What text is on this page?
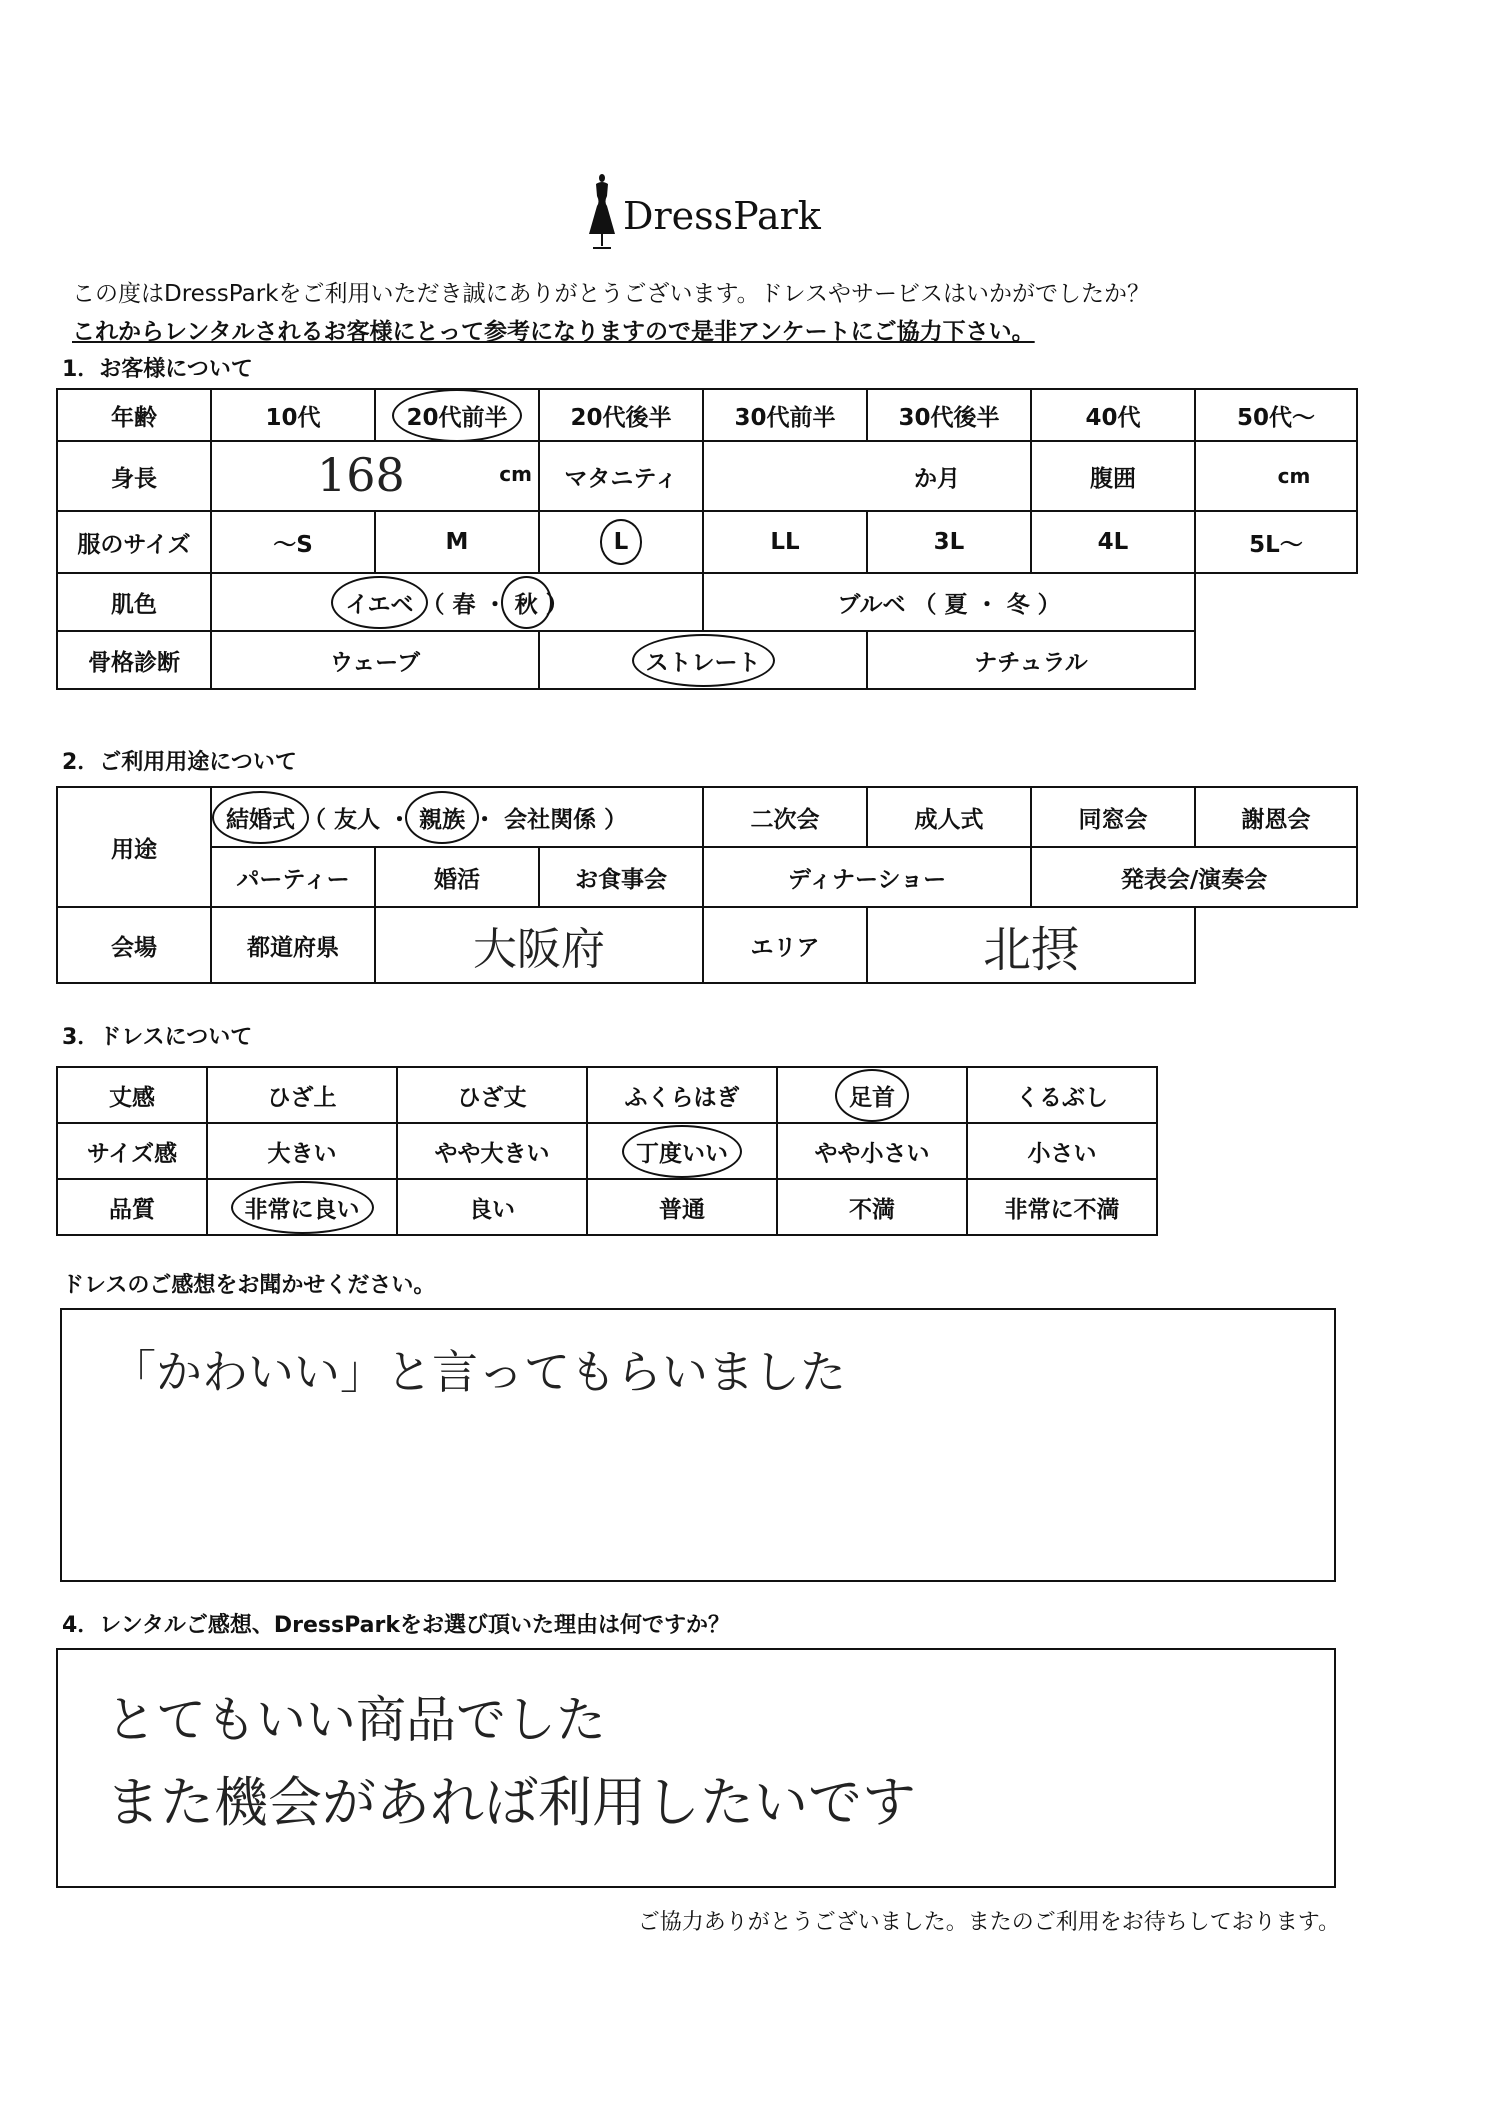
DressPark
この度はDressParkをご利用いただき誠にありがとうございます。ドレスやサービスはいかがでしたか？
これからレンタルされるお客様にとって参考になりますので是非アンケートにご協力下さい。
1．お客様について
年齢	10代	20代前半	20代後半	30代前半	30代後半	40代	50代〜
身長	168 cm		マタニティ	か月		腹囲	cm
服のサイズ	〜S	M	L	LL	3L	4L	5L〜
肌色	イエベ （ 春 ・ 秋 ）			ブルベ （ 夏 ・ 冬 ）			
骨格診断	ウェーブ		ストレート		ナチュラル		
2．ご利用用途について
用途	結婚式 （ 友人 ・ 親族 ・ 会社関係 ）			二次会	成人式	同窓会	謝恩会
	パーティー	婚活	お食事会	ディナーショー		発表会/演奏会	
会場	都道府県	大阪府		エリア	北摂		
3．ドレスについて
丈感	ひざ上	ひざ丈	ふくらはぎ	足首	くるぶし
サイズ感	大きい	やや大きい	丁度いい	やや小さい	小さい
品質	非常に良い	良い	普通	不満	非常に不満
ドレスのご感想をお聞かせください。
「かわいい」と言ってもらいました
4．レンタルご感想、DressParkをお選び頂いた理由は何ですか？
とてもいい商品でした
また機会があれば利用したいです
ご協力ありがとうございました。またのご利用をお待ちしております。
